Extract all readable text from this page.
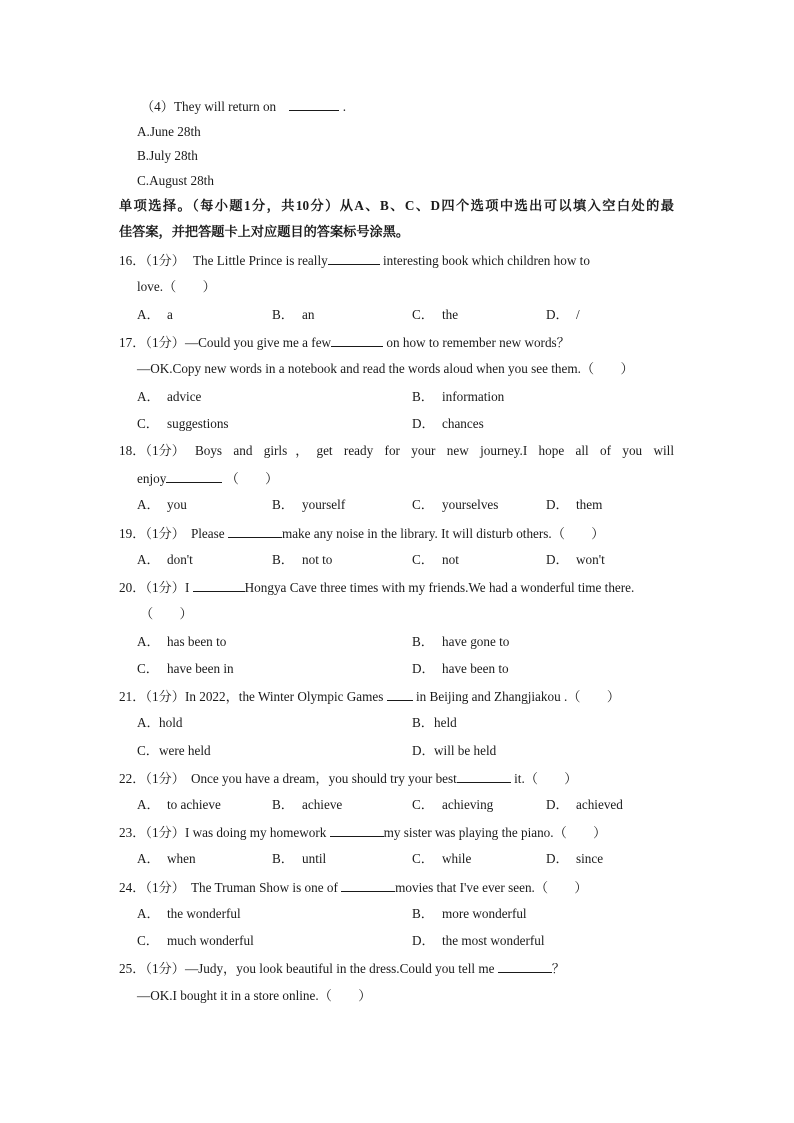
（4）They will return on	.
A.June 28th
B.July 28th
C.August 28th
单项选择。（每小题1分，共10分）从A、B、C、D四个选项中选出可以填入空白处的最
佳答案，并把答题卡上对应题目的答案标号涂黑。
16．（1分） The Little Prince is really	interesting book which children how to
love.（　　）
A． a	B． an	C． the	D． /
17．（1分）—Could you give me a few	on how to remember new words？
—OK.Copy new words in a notebook and read the words aloud when you see them.（　　）
A． advice	B． information
C． suggestions	D． chances
18．（1分） Boys and girls，get ready for your new journey.I hope all of you will
enjoy	（　　）
A． you	B． yourself	C． yourselves	D． them
19．（1分） Please	make any noise in the library. It will disturb others.（　　）
A． don't	B． not to	C． not	D． won't
20．（1分）I	Hongya Cave three times with my friends.We had a wonderful time there.
（　　）
A． has been to	B． have gone to
C． have been in	D． have been to
21．（1分）In 2022，the Winter Olympic Games in Beijing and Zhangjiakou .（　　）
A．hold	B．held
C．were held	D．will be held
22．（1分） Once you have a dream，you should try your best	it.（　　）
A． to achieve	B． achieve	C． achieving	D． achieved
23．（1分）I was doing my homework	my sister was playing the piano.（　　）
A． when	B． until	C． while	D． since
24．（1分） The Truman Show is one of	movies that I've ever seen.（　　）
A． the wonderful	B． more wonderful
C． much wonderful	D． the most wonderful
25．（1分）—Judy，you look beautiful in the dress.Could you tell me	？
—OK.I bought it in a store online.（　　）
